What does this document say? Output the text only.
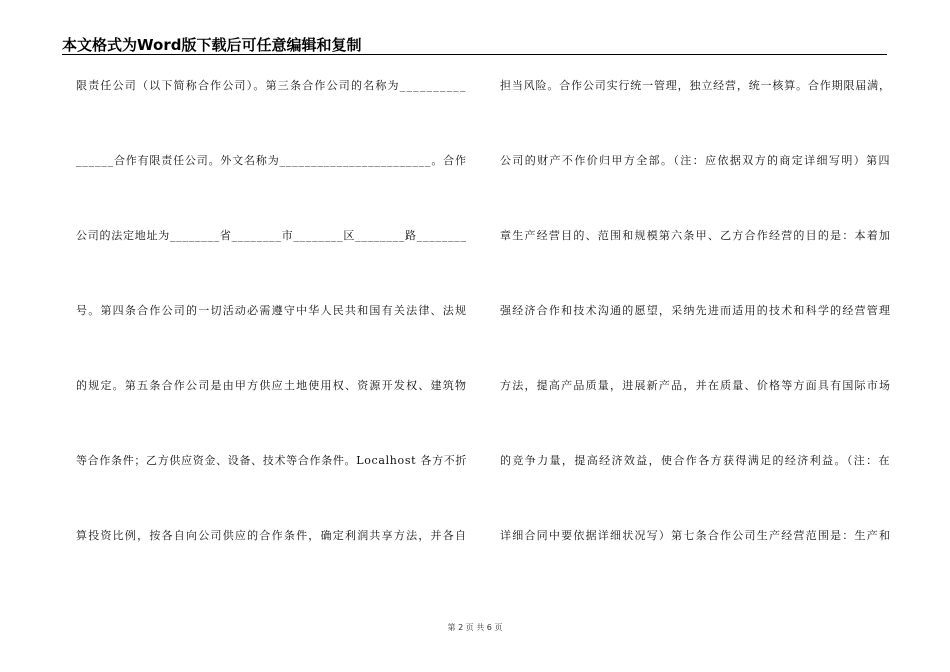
本文格式为Word版下载后可任意编辑和复制
限责任公司（以下简称合作公司）。第三条合作公司的名称为__________
______合作有限责任公司。外文名称为________________________。合作
公司的法定地址为________省________市________区________路________
号。第四条合作公司的一切活动必需遵守中华人民共和国有关法律、法规
的规定。第五条合作公司是由甲方供应土地使用权、资源开发权、建筑物
等合作条件；乙方供应资金、设备、技术等合作条件。Localhost 各方不折
算投资比例，按各自向公司供应的合作条件，确定利润共享方法，并各自
担当风险。合作公司实行统一管理，独立经营，统一核算。合作期限届满，
公司的财产不作价归甲方全部。（注：应依据双方的商定详细写明）第四
章生产经营目的、范围和规模第六条甲、乙方合作经营的目的是：本着加
强经济合作和技术沟通的愿望，采纳先进而适用的技术和科学的经营管理
方法，提高产品质量，进展新产品，并在质量、价格等方面具有国际市场
的竞争力量，提高经济效益，使合作各方获得满足的经济利益。（注：在
详细合同中要依据详细状况写）第七条合作公司生产经营范围是：生产和
第 2 页 共 6 页
